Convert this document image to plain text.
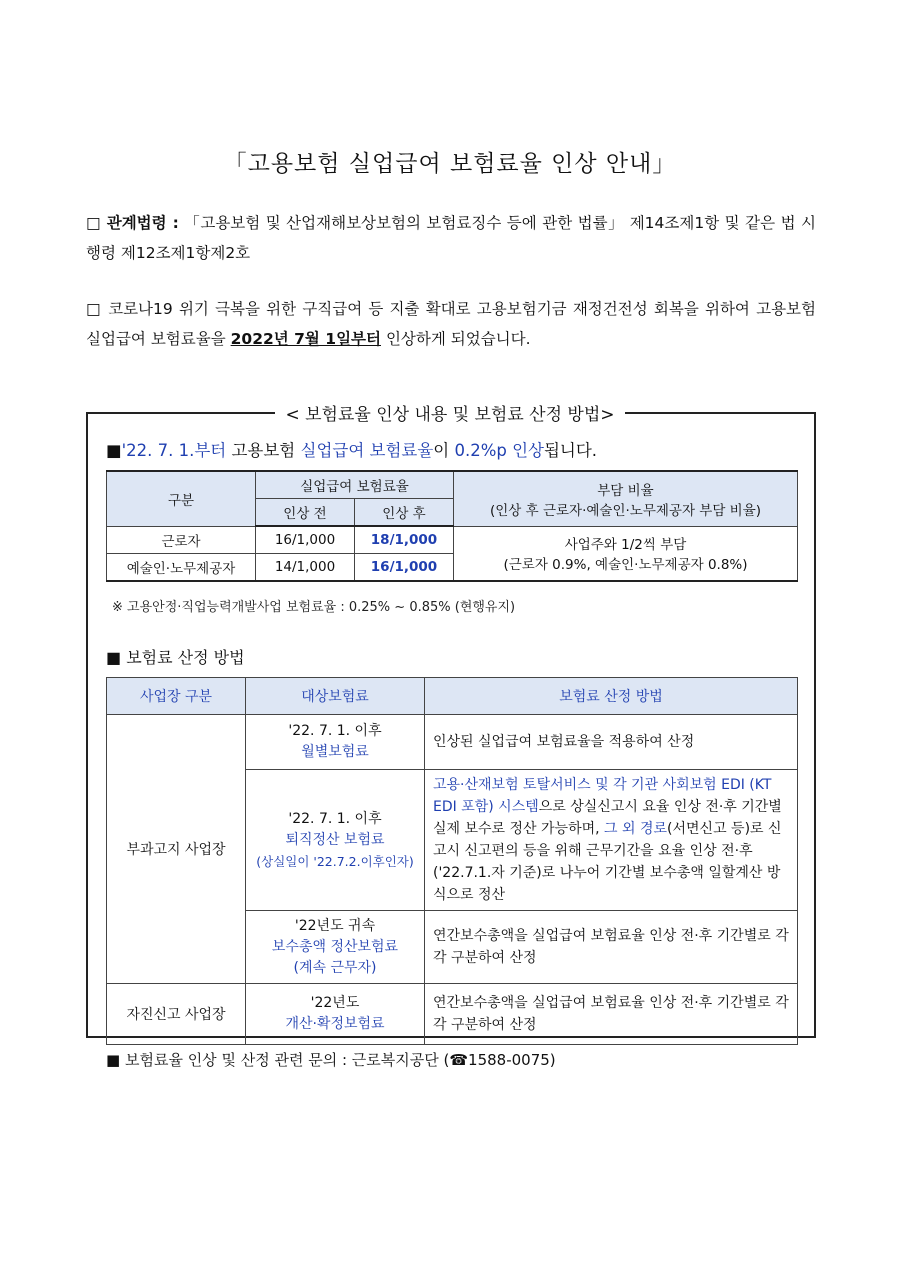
「고용보험 실업급여 보험료율 인상 안내」
□ 관계법령 : 「고용보험 및 산업재해보상보험의 보험료징수 등에 관한 법률」 제14조제1항 및 같은 법 시행령 제12조제1항제2호
□ 코로나19 위기 극복을 위한 구직급여 등 지출 확대로 고용보험기금 재정건전성 회복을 위하여 고용보험 실업급여 보험료율을 2022년 7월 1일부터 인상하게 되었습니다.
< 보험료율 인상 내용 및 보험료 산정 방법>
■'22. 7. 1.부터 고용보험 실업급여 보험료율이 0.2%p 인상됩니다.
구분	실업급여 보험료율		부담 비율
(인상 후 근로자·예술인·노무제공자 부담 비율)

	인상 전	인상 후	
근로자	16/1,000	18/1,000	사업주와 1/2씩 부담
(근로자 0.9%, 예술인·노무제공자 0.8%)

예술인·노무제공자	14/1,000	16/1,000	
※ 고용안정·직업능력개발사업 보험료율 : 0.25% ~ 0.85% (현행유지)
■ 보험료 산정 방법
사업장 구분	대상보험료	보험료 산정 방법
부과고지 사업장	'22. 7. 1. 이후
월별보험료	인상된 실업급여 보험료율을 적용하여 산정

	'22. 7. 1. 이후
퇴직정산 보험료
(상실일이 '22.7.2.이후인자)	고용·산재보험 토탈서비스 및 각 기관 사회보험 EDI (KT EDI 포함) 시스템으로 상실신고시 요율 인상 전·후 기간별 실제 보수로 정산 가능하며, 그 외 경로(서면신고 등)로 신고시 신고편의 등을 위해 근무기간을 요율 인상 전·후('22.7.1.자 기준)로 나누어 기간별 보수총액 일할계산 방식으로 정산

	'22년도 귀속
보수총액 정산보험료
(계속 근무자)	연간보수총액을 실업급여 보험료율 인상 전·후 기간별로 각각 구분하여 산정
자진신고 사업장	'22년도
개산·확정보험료	연간보수총액을 실업급여 보험료율 인상 전·후 기간별로 각각 구분하여 산정
■ 보험료율 인상 및 산정 관련 문의 : 근로복지공단 (☎1588-0075)
